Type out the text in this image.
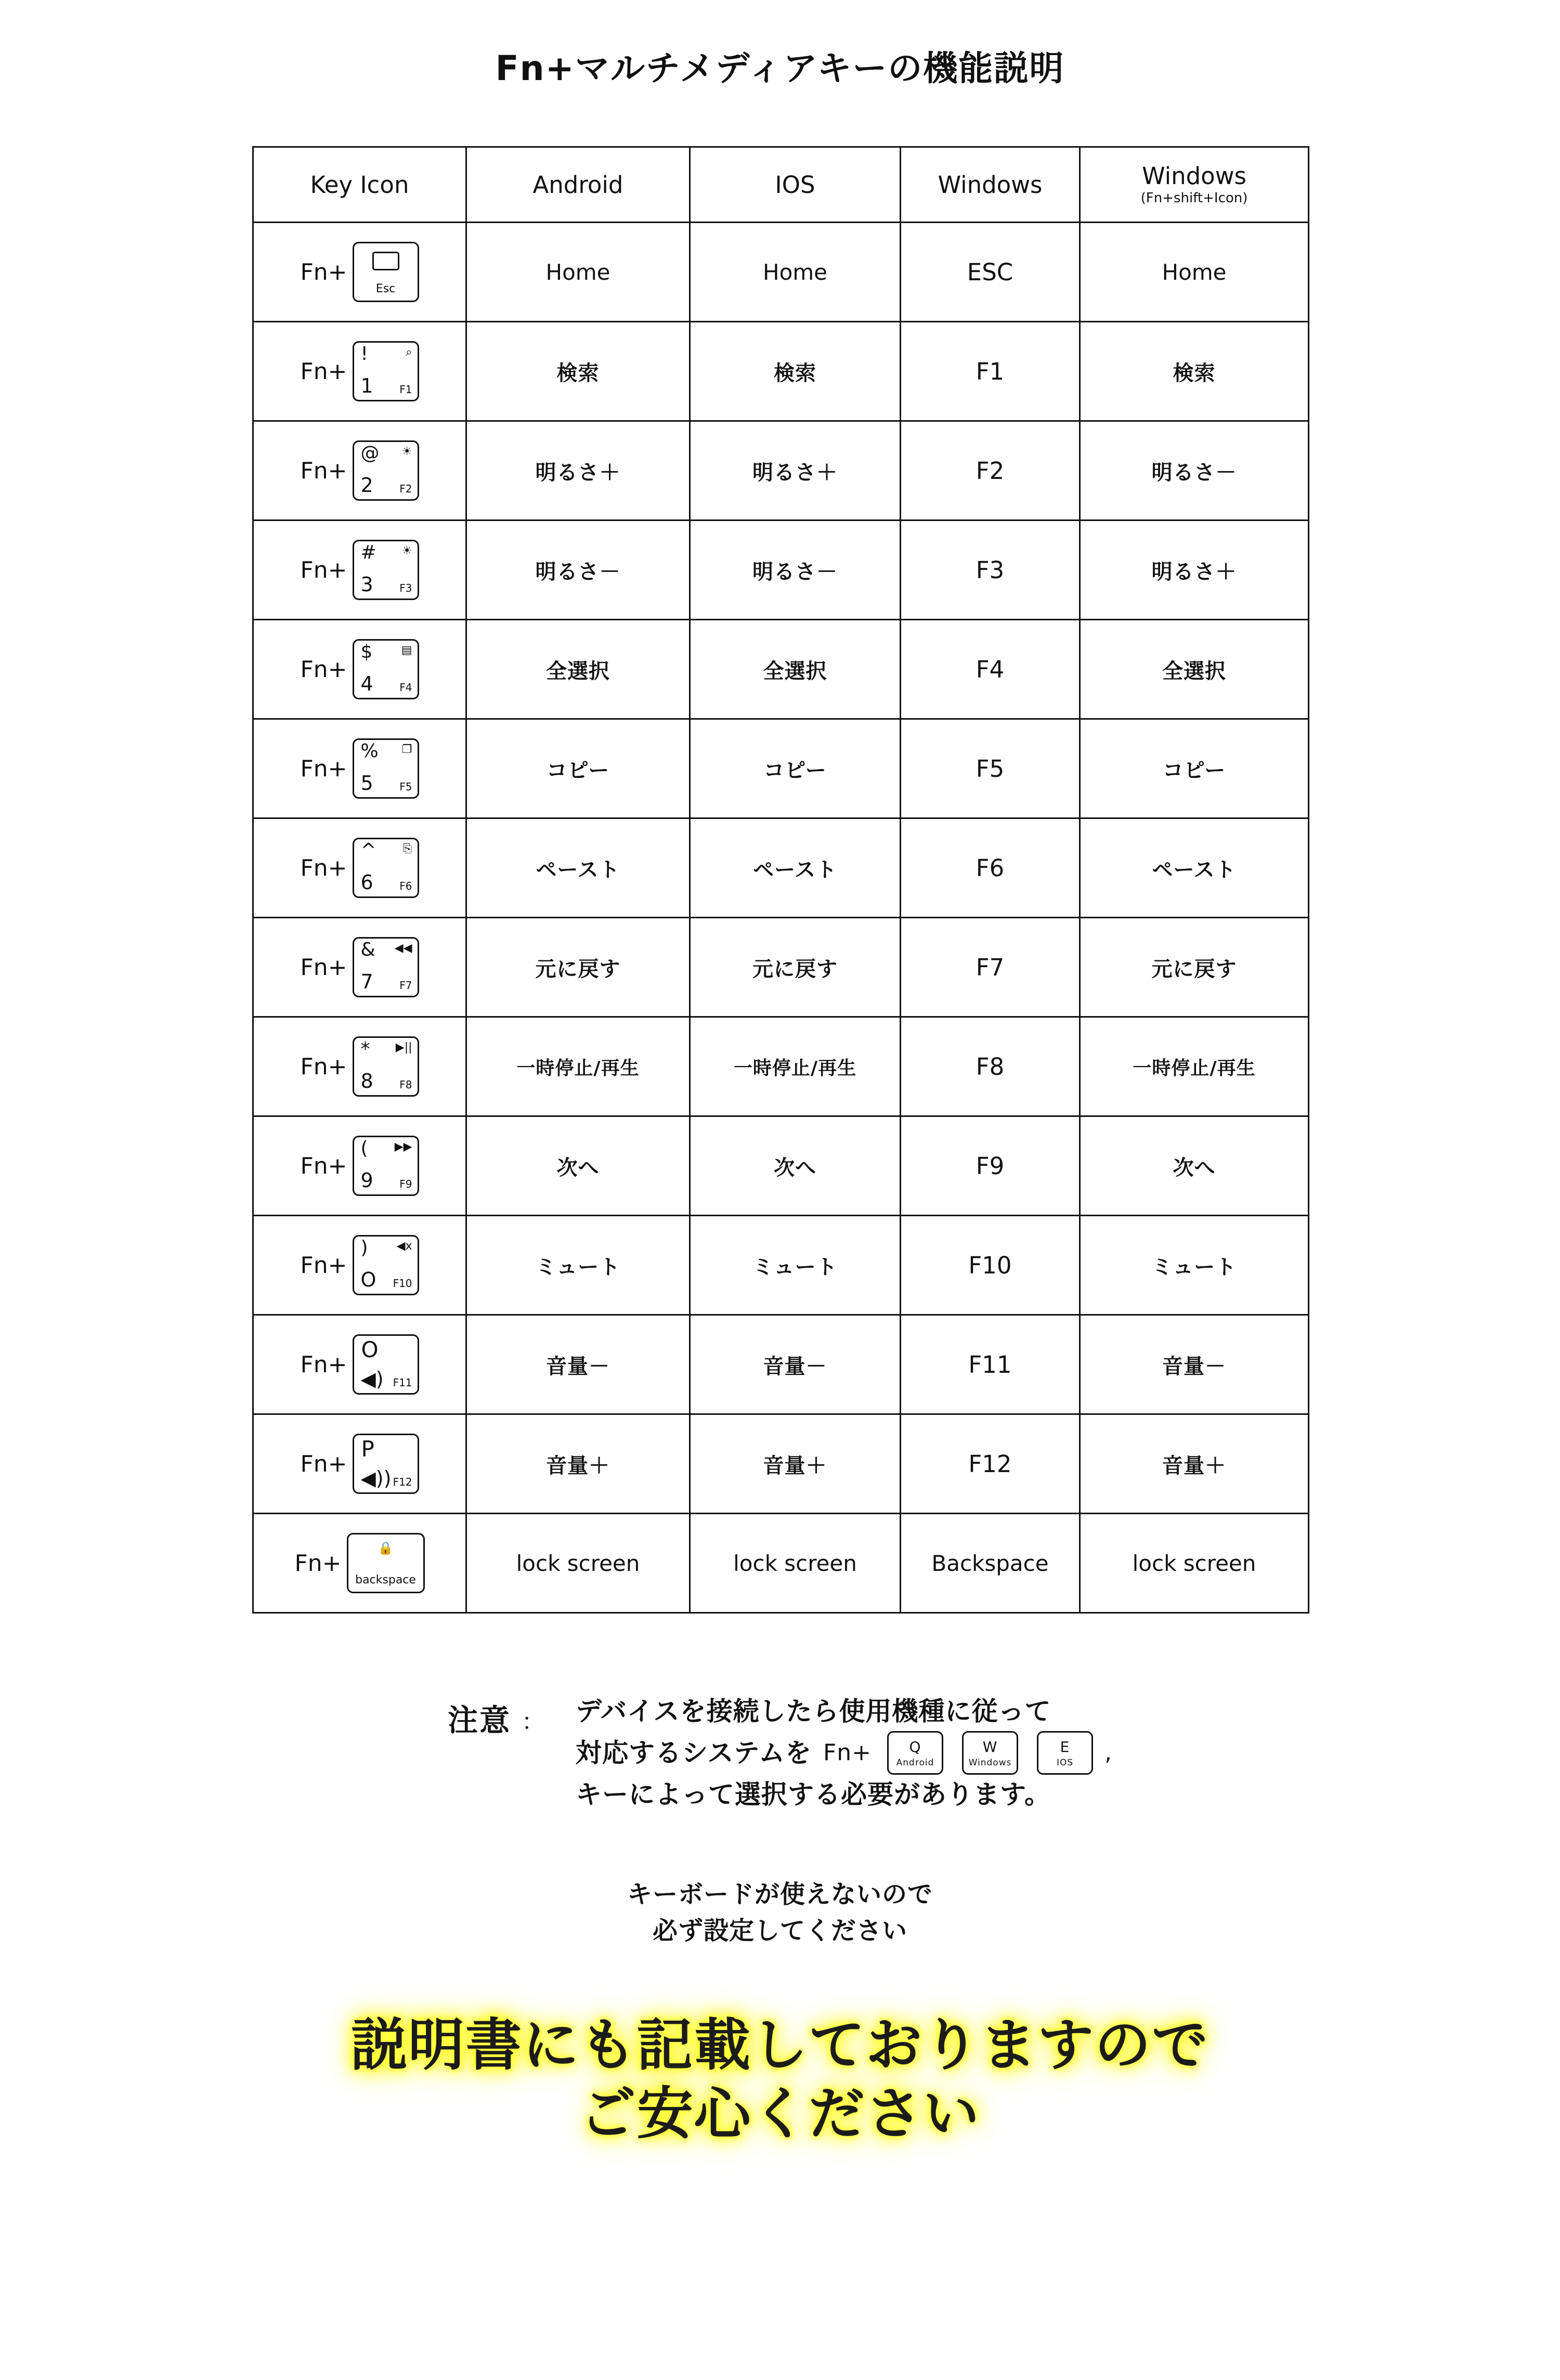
Fn+マルチメディアキーの機能説明
Key Icon	Android	IOS	Windows	Windows
(Fn+shift+Icon)

Fn+
Esc	Home	Home	ESC	Home

Fn+
!
1
⌕
F1	検索	検索	F1	検索

Fn+
@
2
☀
F2	明るさ＋	明るさ＋	F2	明るさ－

Fn+
#
3
☀
F3	明るさ－	明るさ－	F3	明るさ＋

Fn+
$
4
▤
F4	全選択	全選択	F4	全選択

Fn+
%
5
❐
F5	コピー	コピー	F5	コピー

Fn+
^
6
⎘
F6	ペースト	ペースト	F6	ペースト

Fn+
&
7
◀◀
F7	元に戻す	元に戻す	F7	元に戻す

Fn+
*
8
▶||
F8	一時停止/再生	一時停止/再生	F8	一時停止/再生

Fn+
(
9
▶▶
F9	次へ	次へ	F9	次へ

Fn+
)
O
◀x
F10	ミュート	ミュート	F10	ミュート

Fn+
O
◀) F11	音量－	音量－	F11	音量－

Fn+
P
◀)) F12	音量＋	音量＋	F12	音量＋

Fn+
🔒
backspace	lock screen	lock screen	Backspace	lock screen
注意 ： デバイスを接続したら使用機種に従って
対応するシステムを Fn+	Q
Android
W
Windows
E
IOS	,
キーによって選択する必要があります。
キーボードが使えないので
必ず設定してください
説明書にも記載しておりますので
ご安心ください
